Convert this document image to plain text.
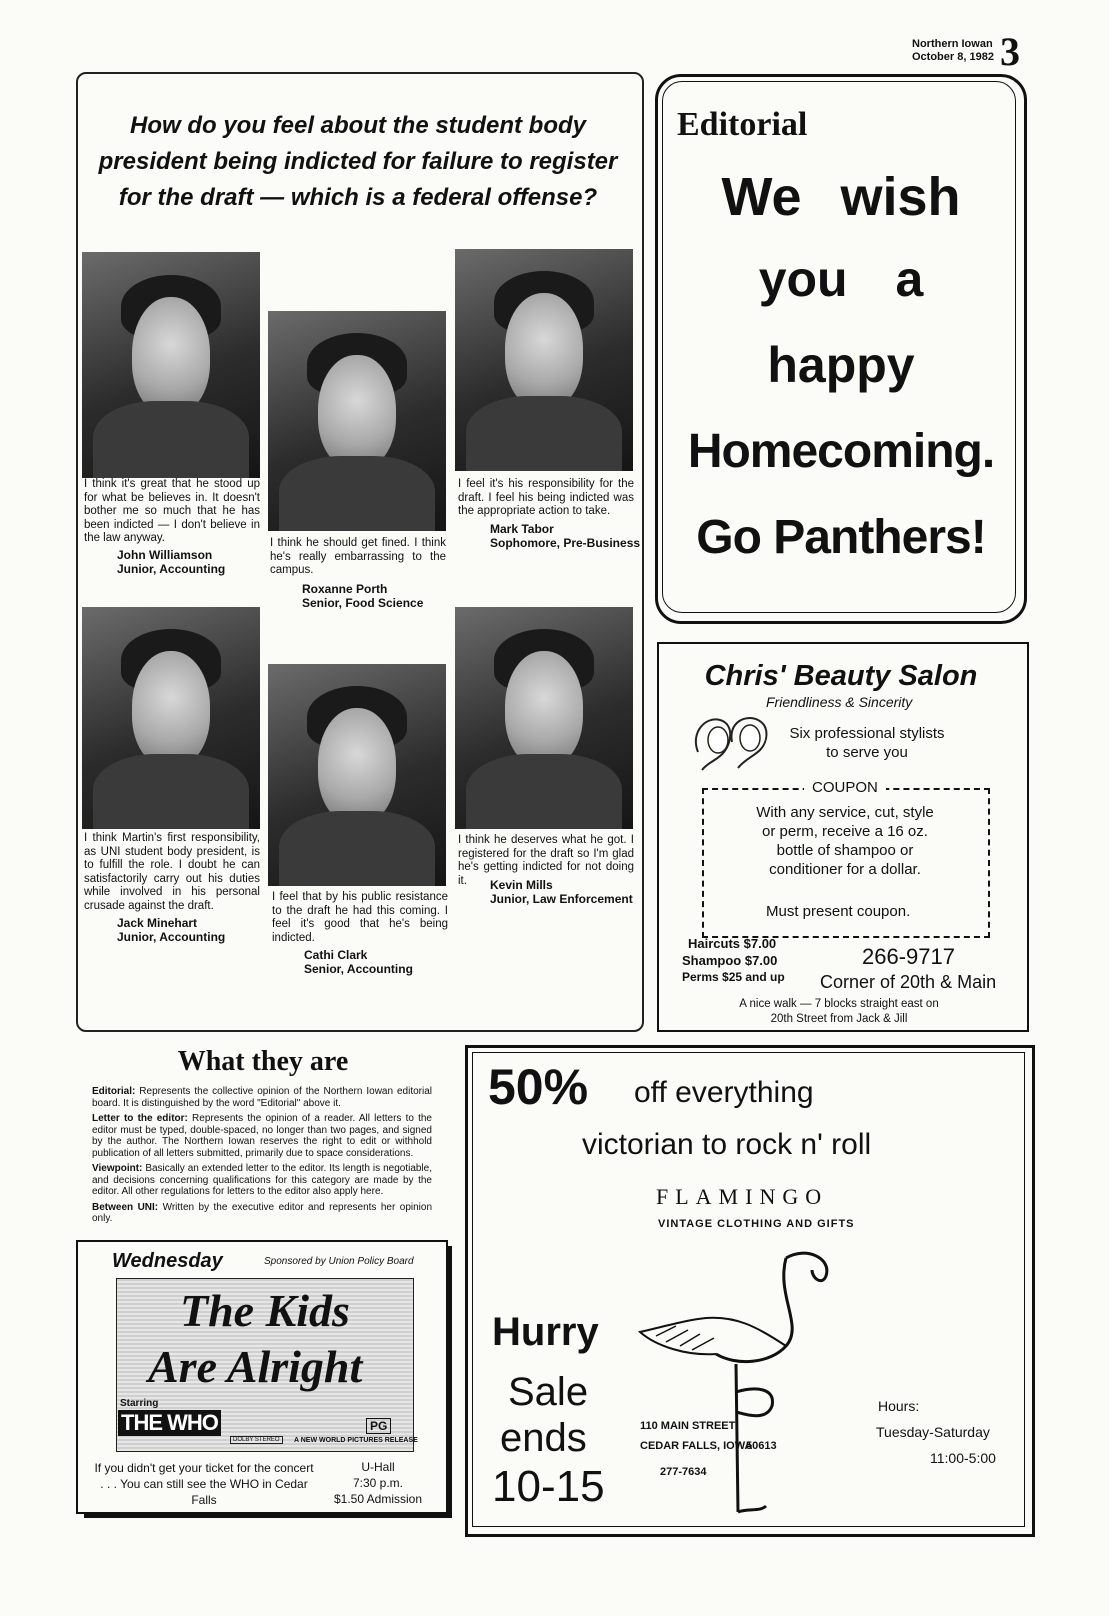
Northern Iowan
October 8, 1982 3
How do you feel about the student body president being indicted for failure to register for the draft — which is a federal offense?
I think it's great that he stood up for what be believes in. It doesn't bother me so much that he has been indicted — I don't believe in the law anyway.
John Williamson
Junior, Accounting
I think he should get fined. I think he's really embarrassing to the campus.
Roxanne Porth
Senior, Food Science
I feel it's his responsibility for the draft. I feel his being indicted was the appropriate action to take.
Mark Tabor
Sophomore, Pre-Business
I think Martin's first responsibility, as UNI student body president, is to fulfill the role. I doubt he can satisfactorily carry out his duties while involved in his personal crusade against the draft.
Jack Minehart
Junior, Accounting
I feel that by his public resistance to the draft he had this coming. I feel it's good that he's being indicted.
Cathi Clark
Senior, Accounting
I think he deserves what he got. I registered for the draft so I'm glad he's getting indicted for not doing it.	Kevin Mills
Junior, Law Enforcement
Editorial
We wish
you a
happy
Homecoming.
Go Panthers!
Chris' Beauty Salon
Friendliness & Sincerity
Six professional stylists to serve you
COUPON
With any service, cut, style or perm, receive a 16 oz. bottle of shampoo or conditioner for a dollar.
Must present coupon.
Haircuts $7.00
Shampoo $7.00
Perms $25 and up
266-9717
Corner of 20th & Main
A nice walk — 7 blocks straight east on 20th Street from Jack & Jill
What they are

Editorial: Represents the collective opinion of the Northern Iowan editorial board. It is distinguished by the word "Editorial" above it.

Letter to the editor: Represents the opinion of a reader. All letters to the editor must be typed, double-spaced, no longer than two pages, and signed by the author. The Northern Iowan reserves the right to edit or withhold publication of all letters submitted, primarily due to space considerations.

Viewpoint: Basically an extended letter to the editor. Its length is negotiable, and decisions concerning qualifications for this category are made by the editor. All other regulations for letters to the editor also apply here.

Between UNI: Written by the executive editor and represents her opinion only.

Wednesday	Sponsored by Union Policy Board
The Kids
Are Alright
Starring
THE WHO
DOLBY STEREO
PG
A NEW WORLD PICTURES RELEASE
If you didn't get your ticket for the concert . . . You can still see the WHO in Cedar Falls
U-Hall
7:30 p.m.
$1.50 Admission
50% off everything
victorian to rock n' roll
FLAMINGO
VINTAGE CLOTHING AND GIFTS
Hurry
Sale
ends
10-15
110 MAIN STREET
CEDAR FALLS, IOWA
50613
277-7634
Hours:
Tuesday-Saturday
11:00-5:00
